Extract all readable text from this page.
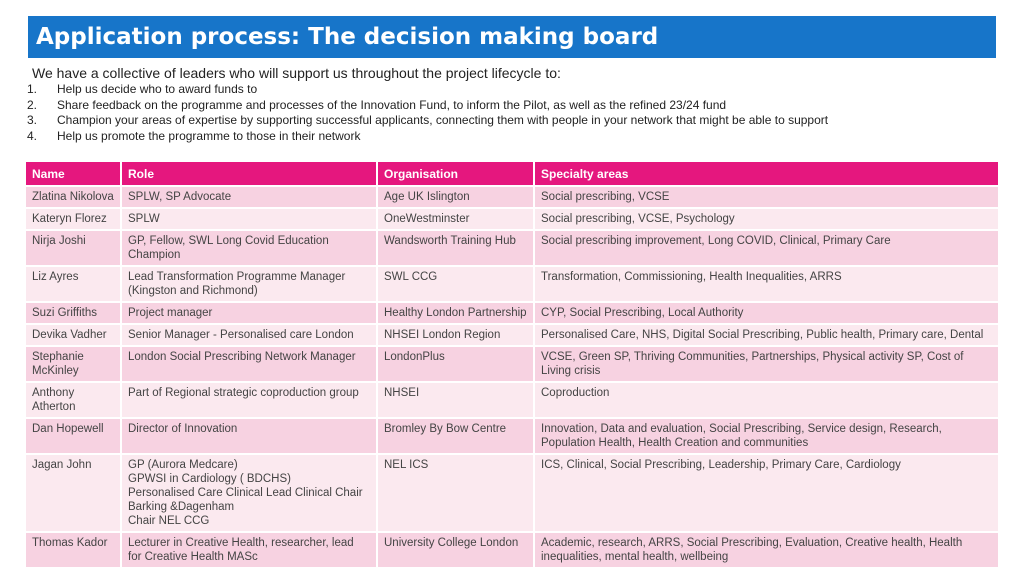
Application process: The decision making board
We have a collective of leaders who will support us throughout the project lifecycle to:
1.	Help us decide who to award funds to
2.	Share feedback on the programme and processes of the Innovation Fund, to inform the Pilot, as well as the refined 23/24 fund
3.	Champion your areas of expertise by supporting successful applicants, connecting them with people in your network that might be able to support
4.	Help us promote the programme to those in their network
Name	Role	Organisation	Specialty areas
Zlatina Nikolova	SPLW, SP Advocate	Age UK Islington	Social prescribing, VCSE
Kateryn Florez	SPLW	OneWestminster	Social prescribing, VCSE, Psychology
Nirja Joshi	GP, Fellow, SWL Long Covid Education Champion	Wandsworth Training Hub	Social prescribing improvement, Long COVID, Clinical, Primary Care
Liz Ayres	Lead Transformation Programme Manager (Kingston and Richmond)	SWL CCG	Transformation, Commissioning, Health Inequalities, ARRS
Suzi Griffiths	Project manager	Healthy London Partnership	CYP, Social Prescribing, Local Authority
Devika Vadher	Senior Manager - Personalised care London	NHSEI London Region	Personalised Care, NHS, Digital Social Prescribing, Public health, Primary care, Dental
Stephanie McKinley	London Social Prescribing Network Manager	LondonPlus	VCSE, Green SP, Thriving Communities, Partnerships, Physical activity SP, Cost of Living crisis
Anthony Atherton	Part of Regional strategic coproduction group	NHSEI	Coproduction
Dan Hopewell	Director of Innovation	Bromley By Bow Centre	Innovation, Data and evaluation, Social Prescribing, Service design, Research, Population Health, Health Creation and communities
Jagan John	GP (Aurora Medcare)
GPWSI in Cardiology ( BDCHS)
Personalised Care Clinical Lead Clinical Chair Barking &Dagenham
Chair NEL CCG	NEL ICS	ICS, Clinical, Social Prescribing, Leadership, Primary Care, Cardiology
Thomas Kador	Lecturer in Creative Health, researcher, lead for Creative Health MASc	University College London	Academic, research, ARRS, Social Prescribing, Evaluation, Creative health, Health inequalities, mental health, wellbeing
